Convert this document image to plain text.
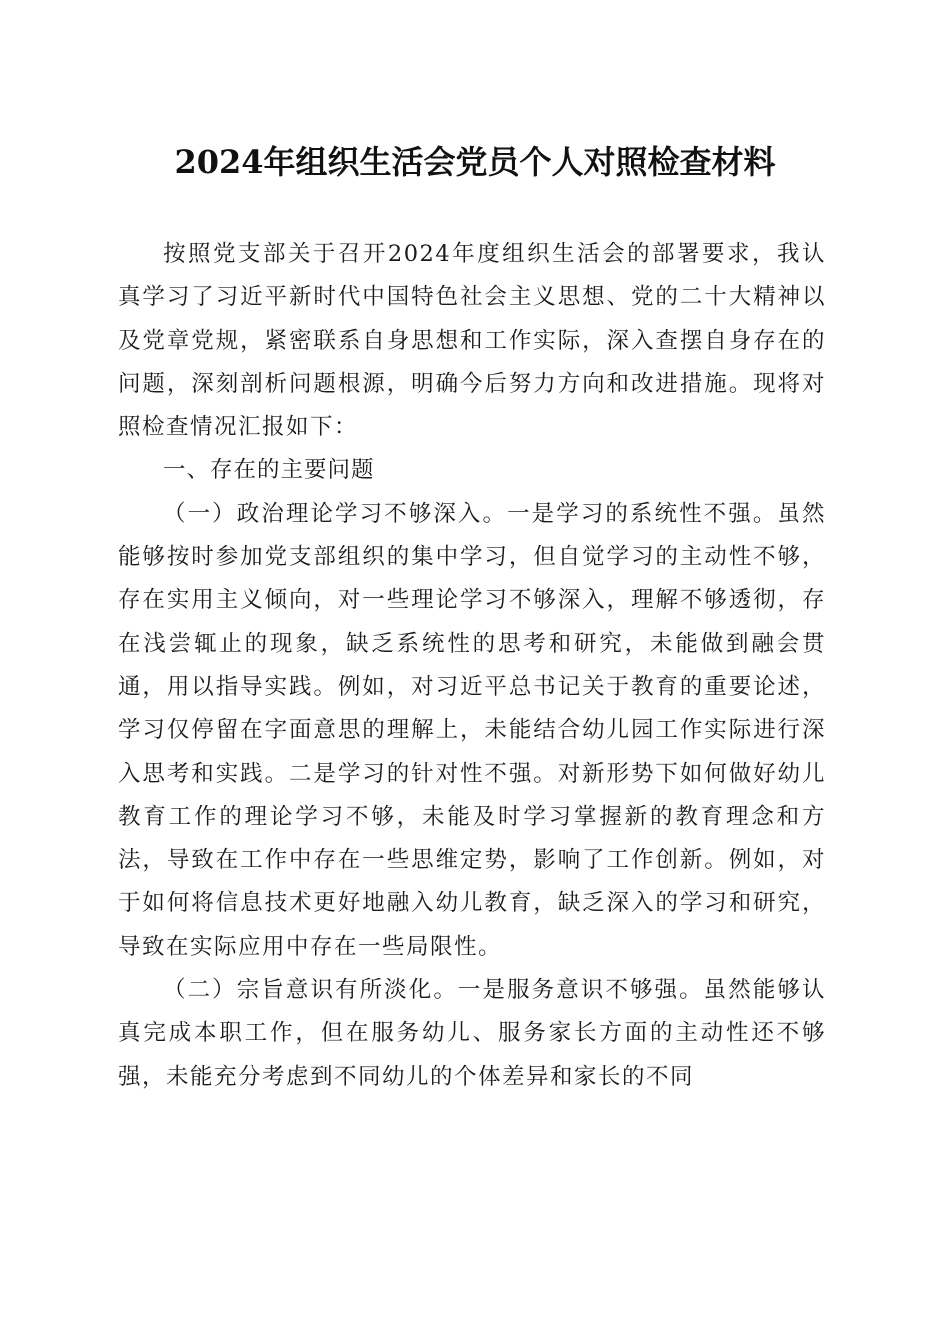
2024年组织生活会党员个人对照检查材料

按照党支部关于召开2024年度组织生活会的部署要求，我认真学习了习近平新时代中国特色社会主义思想、党的二十大精神以及党章党规，紧密联系自身思想和工作实际，深入查摆自身存在的问题，深刻剖析问题根源，明确今后努力方向和改进措施。现将对照检查情况汇报如下：

一、存在的主要问题

（一）政治理论学习不够深入。一是学习的系统性不强。虽然能够按时参加党支部组织的集中学习，但自觉学习的主动性不够，存在实用主义倾向，对一些理论学习不够深入，理解不够透彻，存在浅尝辄止的现象，缺乏系统性的思考和研究，未能做到融会贯通，用以指导实践。例如，对习近平总书记关于教育的重要论述，学习仅停留在字面意思的理解上，未能结合幼儿园工作实际进行深入思考和实践。二是学习的针对性不强。对新形势下如何做好幼儿教育工作的理论学习不够，未能及时学习掌握新的教育理念和方法，导致在工作中存在一些思维定势，影响了工作创新。例如，对于如何将信息技术更好地融入幼儿教育，缺乏深入的学习和研究，导致在实际应用中存在一些局限性。

（二）宗旨意识有所淡化。一是服务意识不够强。虽然能够认真完成本职工作，但在服务幼儿、服务家长方面的主动性还不够强，未能充分考虑到不同幼儿的个体差异和家长的不同
